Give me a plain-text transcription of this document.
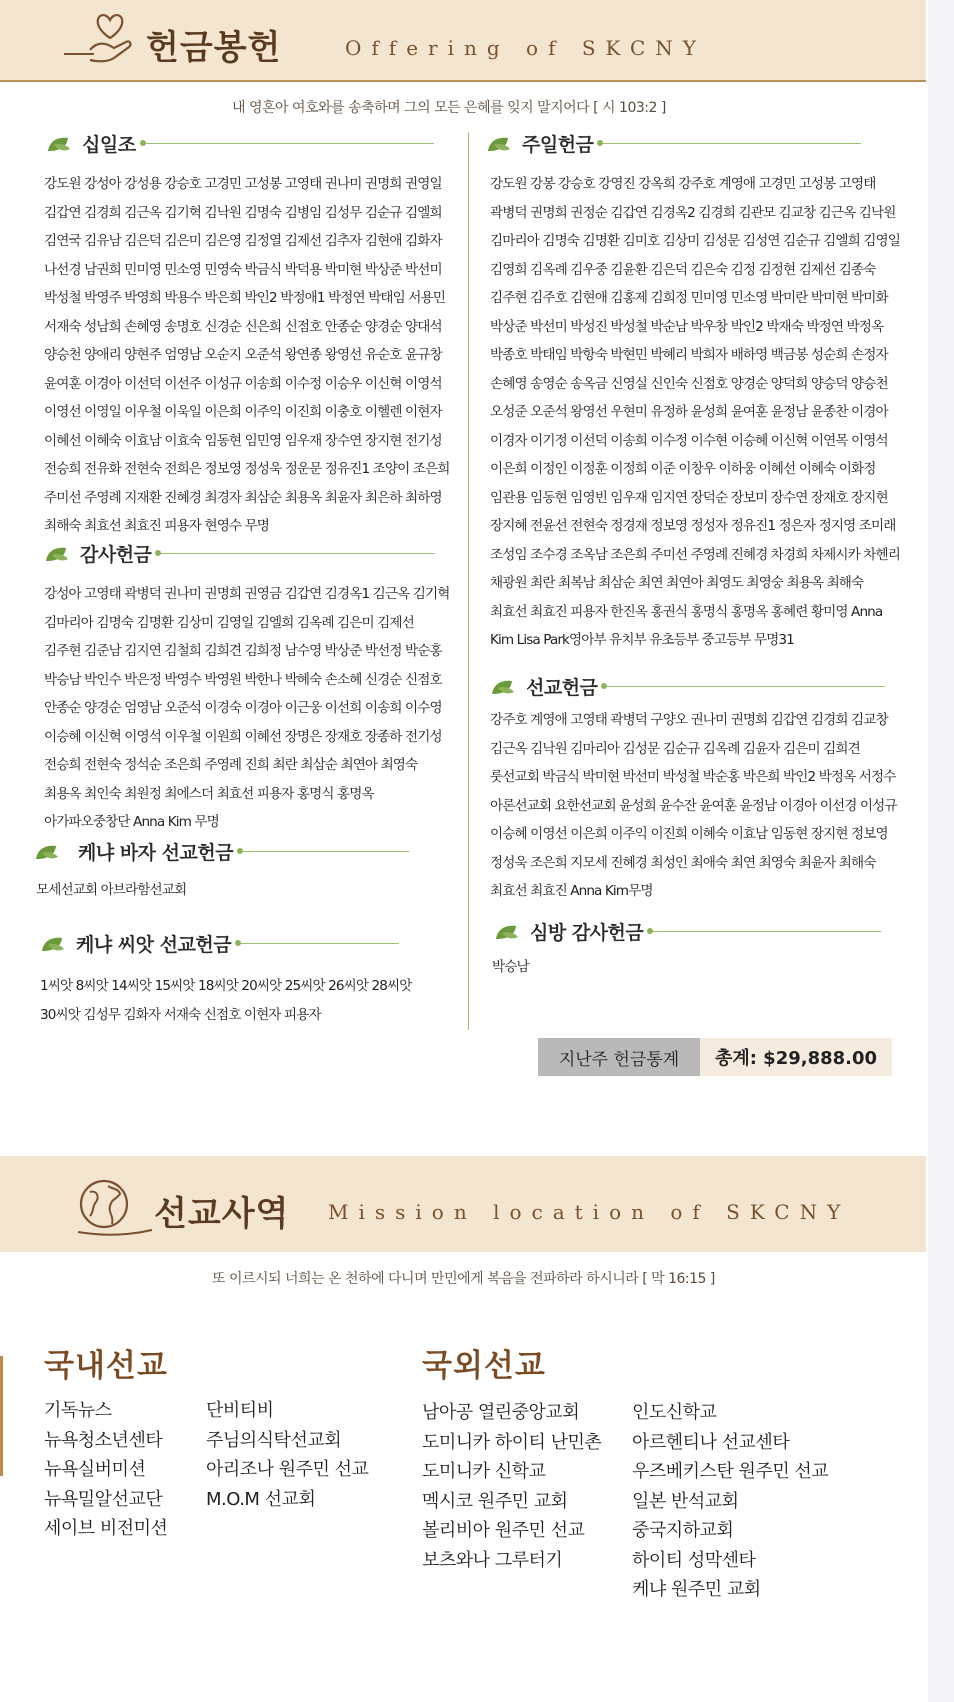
헌금봉헌	Offering of SKCNY
내 영혼아 여호와를 송축하며 그의 모든 은혜를 잊지 말지어다 [ 시 103:2 ]
십일조
강도원 강성아 강성용 강승호 고경민 고성봉 고영태 권나미 권명희 권영일 김갑연 김경희 김근옥 김기혁 김낙원 김명숙 김병임 김성무 김순규 김엘희 김연국 김유남 김은덕 김은미 김은영 김정열 김제선 김추자 김현애 김화자 나선경 남권희 민미영 민소영 민영숙 박금식 박덕용 박미현 박상준 박선미 박성철 박영주 박영희 박용수 박은희 박인2 박정애1 박정연 박태임 서용민 서재숙 성남희 손혜영 송명호 신경순 신은희 신점호 안종순 양경순 양대석 양승천 양애리 양현주 엄영남 오순지 오준석 왕연종 왕영선 유순호 윤규창 윤여훈 이경아 이선덕 이선주 이성규 이송희 이수정 이승우 이신혁 이영석 이영선 이영일 이우철 이욱일 이은희 이주익 이진희 이충호 이헬렌 이현자 이혜선 이혜숙 이효남 이효숙 임동현 임민영 임우재 장수연 장지현 전기성 전승희 전유화 전현숙 전희은 정보영 정성욱 정운문 정유진1 조양이 조은희 주미선 주영례 지재환 진혜경 최경자 최삼순 최용옥 최윤자 최은하 최하영 최해숙 최효선 최효진 피용자 현영수 무명
감사헌금
강성아 고영태 곽병덕 권나미 권명희 권영금 김갑연 김경옥1 김근옥 김기혁 김마리아 김명숙 김명환 김상미 김영일 김엘희 김옥례 김은미 김제선 김주현 김준남 김지연 김철희 김희견 김희정 남수영 박상준 박선정 박순홍 박승남 박인수 박은정 박영수 박영원 박한나 박혜숙 손소혜 신경순 신점호 안종순 양경순 엄영남 오준석 이경숙 이경아 이근웅 이선희 이송희 이수영 이승혜 이신혁 이영석 이우철 이원희 이혜선 장명은 장재호 장종하 전기성 전승희 전현숙 정석순 조은희 주영례 진희 최란 최삼순 최연아 최영숙 최용옥 최인숙 최원정 최에스더 최효선 피용자 홍명식 홍명옥 아가파오중창단 Anna Kim 무명
케냐 바자 선교헌금
모세선교회 아브라함선교회
케냐 씨앗 선교헌금
1씨앗 8씨앗 14씨앗 15씨앗 18씨앗 20씨앗 25씨앗 26씨앗 28씨앗 30씨앗 김성무 김화자 서재숙 신점호 이현자 피용자
주일헌금
강도원 강봉 강승호 강영진 강옥희 강주호 계영애 고경민 고성봉 고영태 곽병덕 권명희 권정순 김갑연 김경옥2 김경희 김관모 김교창 김근옥 김낙원 김마리아 김명숙 김명환 김미호 김상미 김성문 김성연 김순규 김엘희 김영일 김영희 김옥례 김우중 김윤환 김은덕 김은숙 김정 김정현 김제선 김종숙 김주현 김주호 김현애 김홍제 김희정 민미영 민소영 박미란 박미현 박미화 박상준 박선미 박성진 박성철 박순남 박우창 박인2 박재숙 박정연 박정옥 박종호 박태임 박항숙 박현민 박혜리 박희자 배하영 백금봉 성순희 손정자 손혜영 송영순 송옥금 신영실 신인숙 신점호 양경순 양덕희 양승덕 양승천 오성준 오준석 왕영선 우현미 유정하 윤성희 윤여훈 윤정남 윤종찬 이경아 이경자 이기정 이선덕 이송희 이수정 이수현 이승혜 이신혁 이연목 이영석 이은희 이정인 이정훈 이정희 이준 이창우 이하웅 이혜선 이혜숙 이화정 임관용 임동현 임영빈 임우재 임지연 장덕순 장보미 장수연 장재호 장지현 장지혜 전윤선 전현숙 정경재 정보영 정성자 정유진1 정은자 정지영 조미래 조성임 조수경 조옥남 조은희 주미선 주영례 진혜경 차경희 차제시카 차헨리 채광원 최란 최복남 최삼순 최연 최연아 최영도 최영숭 최용옥 최해숙 최효선 최효진 피용자 한진옥 홍권식 홍명식 홍명옥 홍혜련 황미영 Anna Kim Lisa Park영아부 유치부 유초등부 중고등부 무명31
선교헌금
강주호 계영애 고영태 곽병덕 구양오 권나미 권명희 김갑연 김경희 김교창 김근옥 김낙원 김마리아 김성문 김순규 김옥례 김윤자 김은미 김희견 룻선교회 박금식 박미현 박선미 박성철 박순홍 박은희 박인2 박정옥 서정수 아론선교회 요한선교회 윤성희 윤수잔 윤여훈 윤정남 이경아 이선경 이성규 이승혜 이영선 이은희 이주익 이진희 이혜숙 이효남 임동현 장지현 정보영 정성욱 조은희 지모세 진혜경 최성인 최애숙 최연 최영숙 최윤자 최해숙 최효선 최효진 Anna Kim무명
심방 감사헌금
박승남
지난주 헌금통계	총계: $29,888.00
선교사역 Mission location of SKCNY
또 이르시되 너희는 온 천하에 다니며 만민에게 복음을 전파하라 하시니라 [ 막 16:15 ]
국내선교
기독뉴스
뉴욕청소년센타
뉴욕실버미션
뉴욕밀알선교단
세이브 비전미션
단비티비
주님의식탁선교회
아리조나 원주민 선교
M.O.M 선교회
국외선교
남아공 열린중앙교회
도미니카 하이티 난민촌
도미니카 신학교
멕시코 원주민 교회
볼리비아 원주민 선교
보츠와나 그루터기
인도신학교
아르헨티나 선교센타
우즈베키스탄 원주민 선교
일본 반석교회
중국지하교회
하이티 성막센타
케냐 원주민 교회
